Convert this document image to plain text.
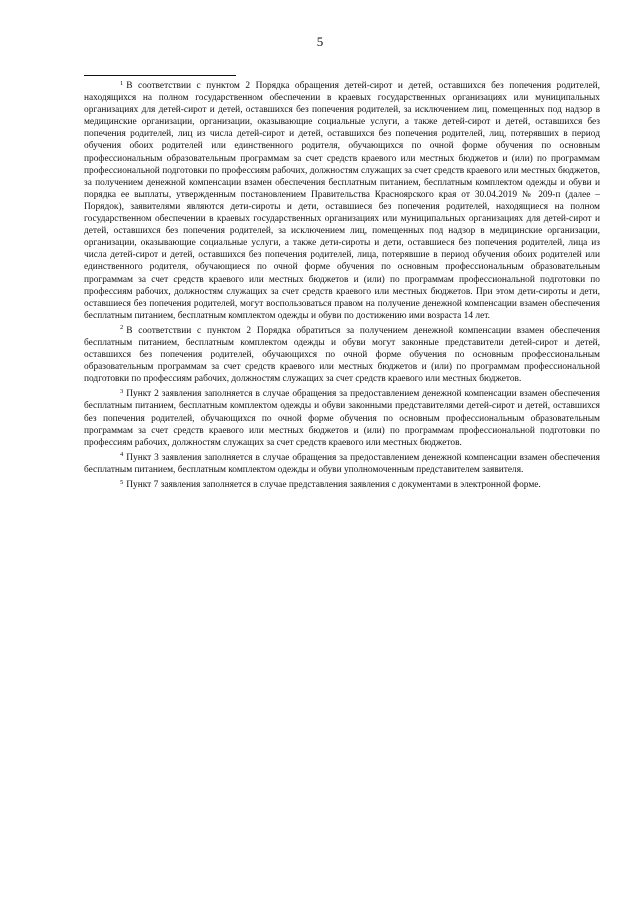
5

$^1$ В соответствии с пунктом 2 Порядка обращения детей-сирот и детей, оставшихся без попечения родителей, находящихся на полном государственном обеспечении в краевых государственных организациях или муниципальных организациях для детей-сирот и детей, оставшихся без попечения родителей, за исключением лиц, помещенных под надзор в медицинские организации, организации, оказывающие социальные услуги, а также детей-сирот и детей, оставшихся без попечения родителей, лиц из числа детей-сирот и детей, оставшихся без попечения родителей, лиц, потерявших в период обучения обоих родителей или единственного родителя, обучающихся по очной форме обучения по основным профессиональным образовательным программам за счет средств краевого или местных бюджетов и (или) по программам профессиональной подготовки по профессиям рабочих, должностям служащих за счет средств краевого или местных бюджетов, за получением денежной компенсации взамен обеспечения бесплатным питанием, бесплатным комплектом одежды и обуви и порядка ее выплаты, утвержденным постановлением Правительства Красноярского края от 30.04.2019 № 209-п (далее – Порядок), заявителями являются дети-сироты и дети, оставшиеся без попечения родителей, находящиеся на полном государственном обеспечении в краевых государственных организациях или муниципальных организациях для детей-сирот и детей, оставшихся без попечения родителей, за исключением лиц, помещенных под надзор в медицинские организации, организации, оказывающие социальные услуги, а также дети-сироты и дети, оставшиеся без попечения родителей, лица из числа детей-сирот и детей, оставшихся без попечения родителей, лица, потерявшие в период обучения обоих родителей или единственного родителя, обучающиеся по очной форме обучения по основным профессиональным образовательным программам за счет средств краевого или местных бюджетов и (или) по программам профессиональной подготовки по профессиям рабочих, должностям служащих за счет средств краевого или местных бюджетов. При этом дети-сироты и дети, оставшиеся без попечения родителей, могут воспользоваться правом на получение денежной компенсации взамен обеспечения бесплатным питанием, бесплатным комплектом одежды и обуви по достижению ими возраста 14 лет.

$^2$ В соответствии с пунктом 2 Порядка обратиться за получением денежной компенсации взамен обеспечения бесплатным питанием, бесплатным комплектом одежды и обуви могут законные представители детей-сирот и детей, оставшихся без попечения родителей, обучающихся по очной форме обучения по основным профессиональным образовательным программам за счет средств краевого или местных бюджетов и (или) по программам профессиональной подготовки по профессиям рабочих, должностям служащих за счет средств краевого или местных бюджетов.

$^3$ Пункт 2 заявления заполняется в случае обращения за предоставлением денежной компенсации взамен обеспечения бесплатным питанием, бесплатным комплектом одежды и обуви законными представителями детей-сирот и детей, оставшихся без попечения родителей, обучающихся по очной форме обучения по основным профессиональным образовательным программам за счет средств краевого или местных бюджетов и (или) по программам профессиональной подготовки по профессиям рабочих, должностям служащих за счет средств краевого или местных бюджетов.

$^4$ Пункт 3 заявления заполняется в случае обращения за предоставлением денежной компенсации взамен обеспечения бесплатным питанием, бесплатным комплектом одежды и обуви уполномоченным представителем заявителя.

$^5$ Пункт 7 заявления заполняется в случае представления заявления с документами в электронной форме.
